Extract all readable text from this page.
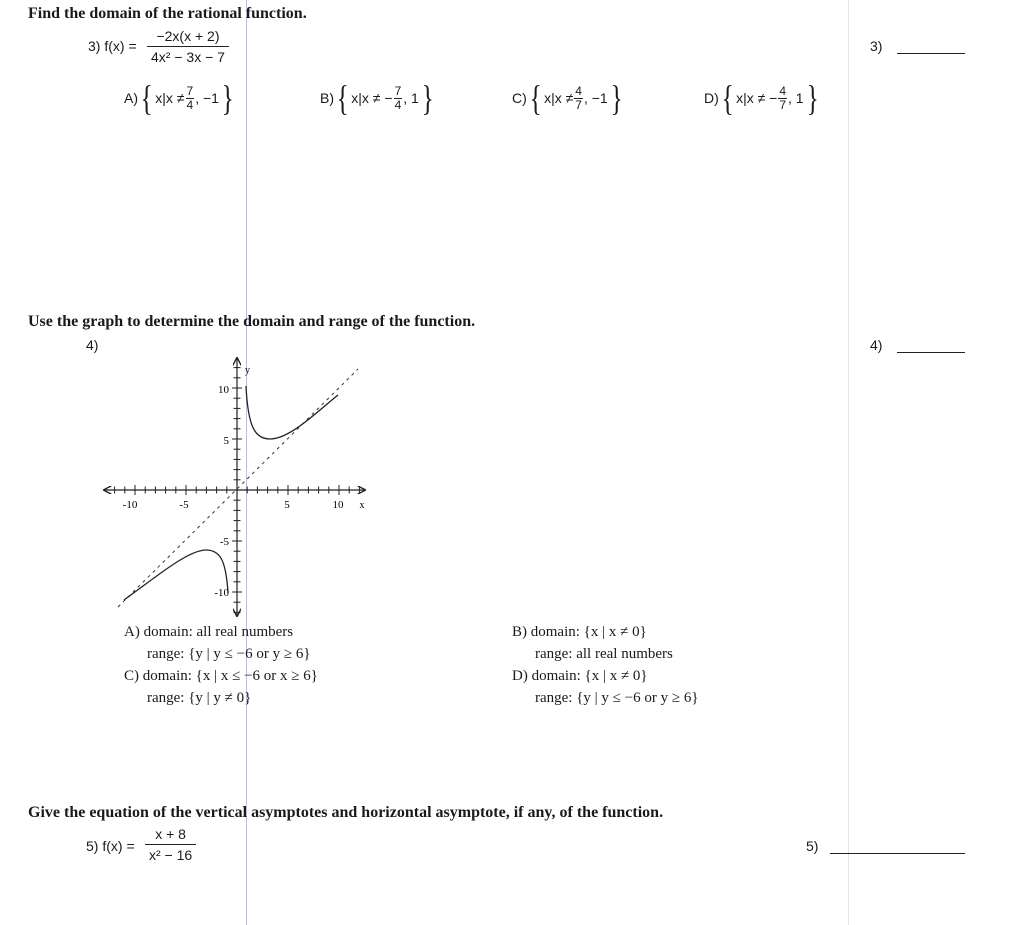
Find the domain of the rational function.
3) $f(x) = \frac{-2x(x + 2)}{\text{4x² − 3x − 7}}$	3)
A) { x|x ≠ 7
4 , −1 }	B) { x|x ≠ − $\frac{7}{4}$ , 1 }	C) { x|x ≠ 4
7 , −1 }	D) { x|x ≠ − $\frac{4}{7}$ , 1 }
Use the graph to determine the domain and range of the function.
4)	4)
-10	-5	5	10 x
10
5
-5
-10
y
A) domain: all real numbers
range: {y | y ≤ −6 or y ≥ 6}
C) domain: {x | x ≤ −6 or x ≥ 6}
range: {y | y ≠ 0}
B) domain: {x | x ≠ 0}
range: all real numbers
D) domain: {x | x ≠ 0}
range: {y | y ≤ −6 or y ≥ 6}
Give the equation of the vertical asymptotes and horizontal asymptote, if any, of the function.
5) $f(x) = \frac{x + 8}{\text{x² − 16}}$	5)
